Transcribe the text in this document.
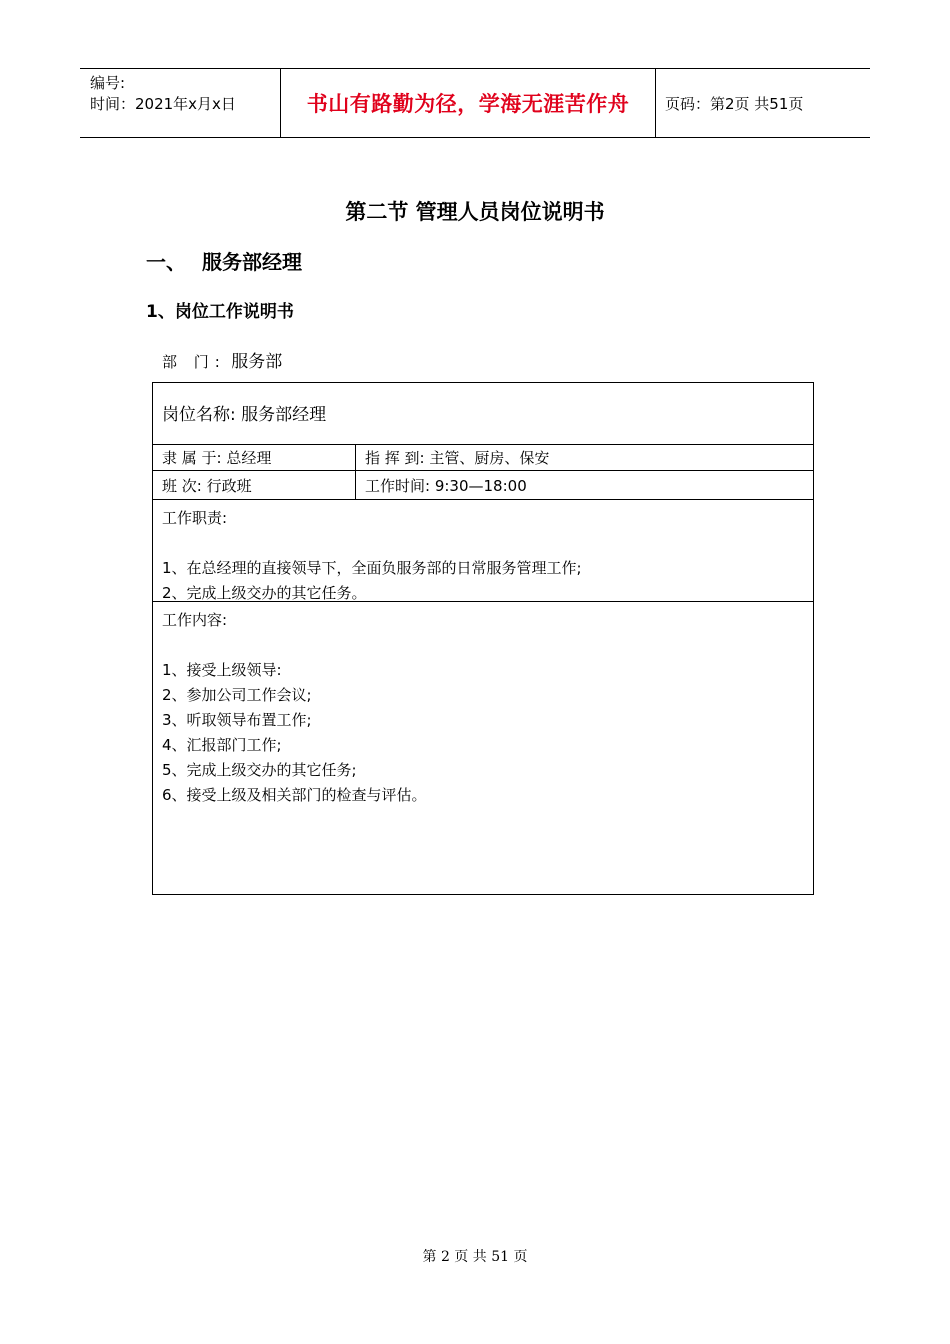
编号:
时间：2021年x月x日	书山有路勤为径，学海无涯苦作舟	页码：第2页 共51页
第二节 管理人员岗位说明书
一、 服务部经理
1、岗位工作说明书
部 门: 服务部
岗位名称: 服务部经理
隶 属 于: 总经理	指 挥 到: 主管、厨房、保安
班 次: 行政班	工作时间: 9:30—18:00
工作职责:
1、在总经理的直接领导下，全面负服务部的日常服务管理工作;
2、完成上级交办的其它任务。
工作内容:
1、接受上级领导:
2、参加公司工作会议;
3、听取领导布置工作;
4、汇报部门工作;
5、完成上级交办的其它任务;
6、接受上级及相关部门的检查与评估。
第 2 页 共 51 页
